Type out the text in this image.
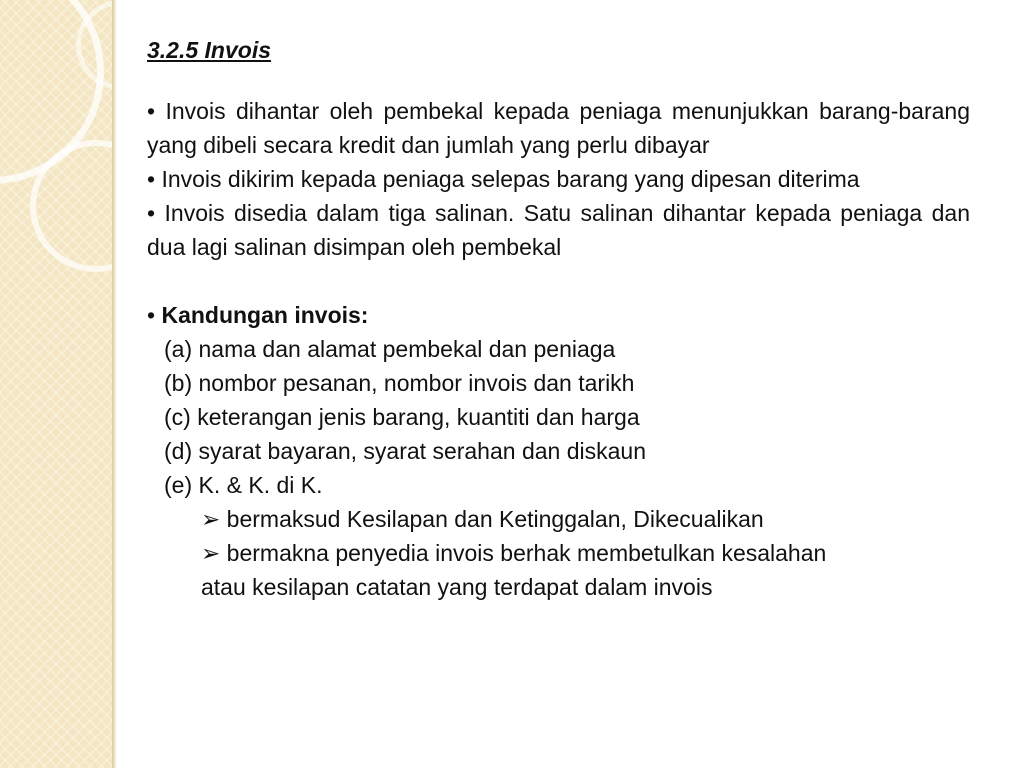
3.2.5 Invois

• Invois dihantar oleh pembekal kepada peniaga menunjukkan barang-barang yang dibeli secara kredit dan jumlah yang perlu dibayar

• Invois dikirim kepada peniaga selepas barang yang dipesan diterima

• Invois disedia dalam tiga salinan. Satu salinan dihantar kepada peniaga dan dua lagi salinan disimpan oleh pembekal

• Kandungan invois:

(a) nama dan alamat pembekal dan peniaga

(b) nombor pesanan, nombor invois dan tarikh

(c) keterangan jenis barang, kuantiti dan harga

(d) syarat bayaran, syarat serahan dan diskaun

(e) K. & K. di K.

➢ bermaksud Kesilapan dan Ketinggalan, Dikecualikan

➢ bermakna penyedia invois berhak membetulkan kesalahan

atau kesilapan catatan yang terdapat dalam invois
